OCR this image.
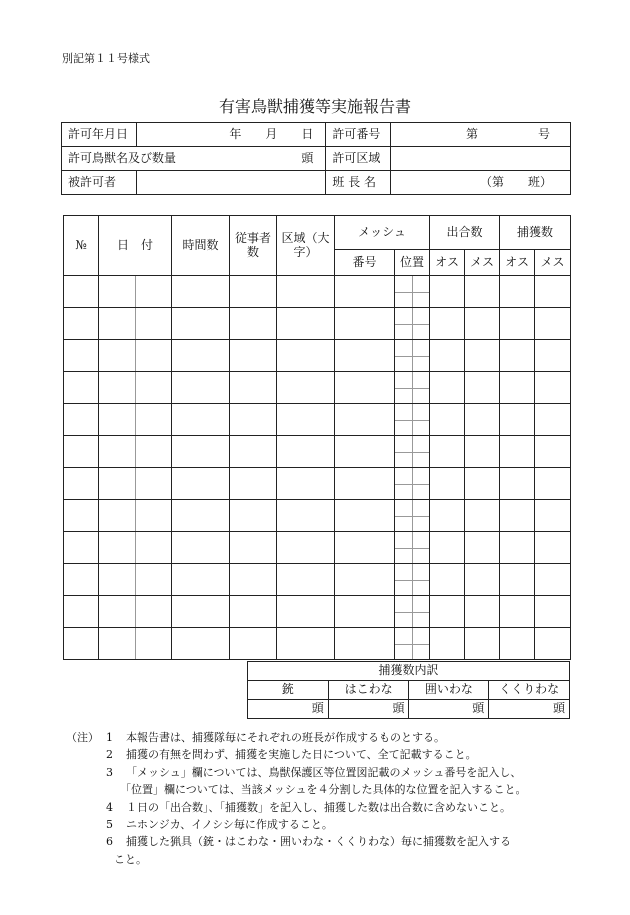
別記第１１号様式
有害鳥獣捕獲等実施報告書
許可年月日	年　　月　　日	許可番号	第　　　　　号
許可鳥獣名及び数量 頭		許可区域	
被許可者		班 長 名	（第　　班）
№	日　付		時間数	従事者数	区域（大字）	メッシュ		出合数		捕獲数	
						番号	位置	オス	メス	オス	メス

捕獲数内訳			
銃	はこわな	囲いわな	くくりわな
頭	頭	頭	頭
（注） 1	本報告書は、捕獲隊毎にそれぞれの班長が作成するものとする。
2	捕獲の有無を問わず、捕獲を実施した日について、全て記載すること。
3	「メッシュ」欄については、鳥獣保護区等位置図記載のメッシュ番号を記入し、
「位置」欄については、当該メッシュを４分割した具体的な位置を記入すること。
4	１日の「出合数」、「捕獲数」を記入し、捕獲した数は出合数に含めないこと。
5	ニホンジカ、イノシシ毎に作成すること。
6	捕獲した猟具（銃・はこわな・囲いわな・くくりわな）毎に捕獲数を記入する
こと。
